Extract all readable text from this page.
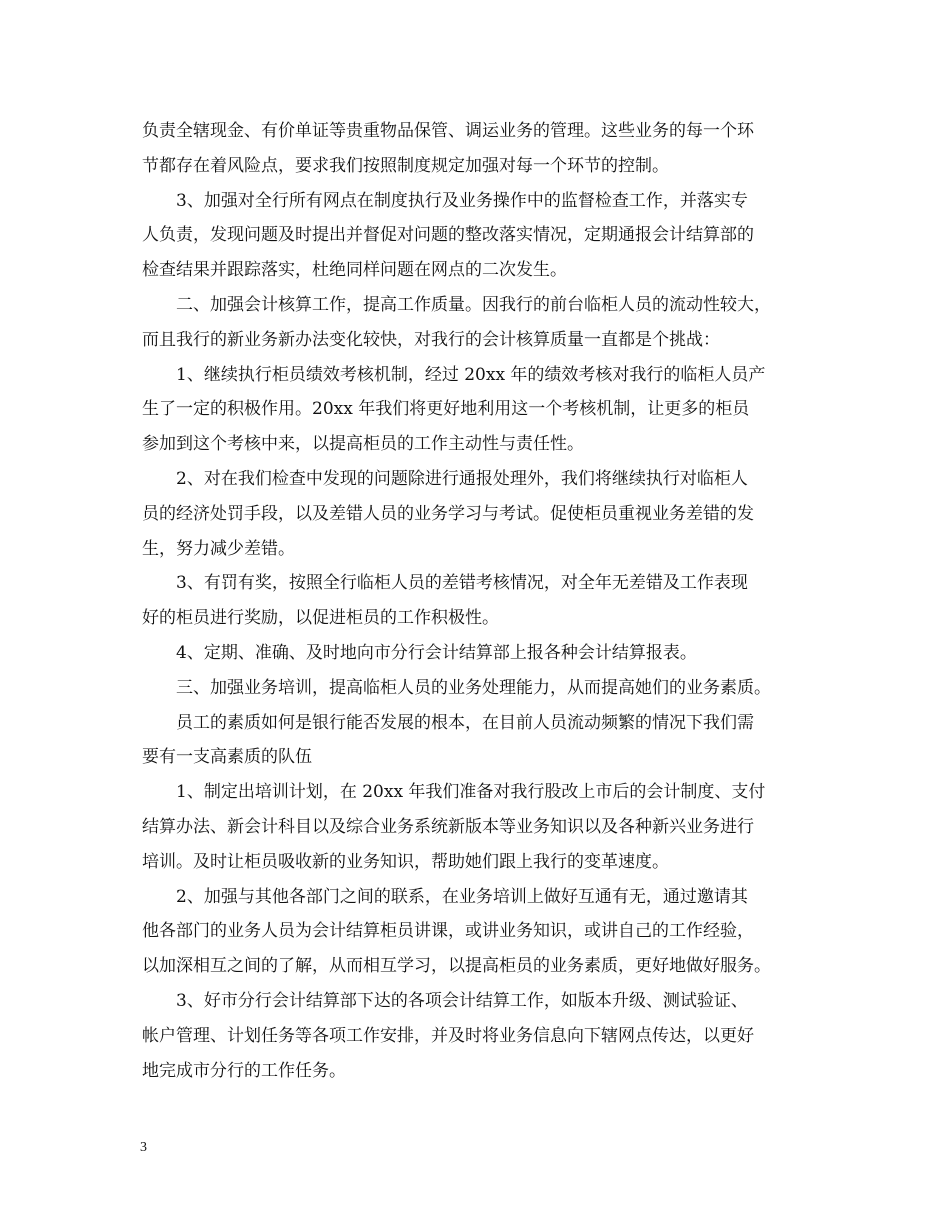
负责全辖现金、有价单证等贵重物品保管、调运业务的管理。这些业务的每一个环
节都存在着风险点，要求我们按照制度规定加强对每一个环节的控制。
　　3、加强对全行所有网点在制度执行及业务操作中的监督检查工作，并落实专
人负责，发现问题及时提出并督促对问题的整改落实情况，定期通报会计结算部的
检查结果并跟踪落实，杜绝同样问题在网点的二次发生。
　　二、加强会计核算工作，提高工作质量。因我行的前台临柜人员的流动性较大，
而且我行的新业务新办法变化较快，对我行的会计核算质量一直都是个挑战：
　　1、继续执行柜员绩效考核机制，经过 20xx 年的绩效考核对我行的临柜人员产
生了一定的积极作用。20xx 年我们将更好地利用这一个考核机制，让更多的柜员
参加到这个考核中来，以提高柜员的工作主动性与责任性。
　　2、对在我们检查中发现的问题除进行通报处理外，我们将继续执行对临柜人
员的经济处罚手段，以及差错人员的业务学习与考试。促使柜员重视业务差错的发
生，努力减少差错。
　　3、有罚有奖，按照全行临柜人员的差错考核情况，对全年无差错及工作表现
好的柜员进行奖励，以促进柜员的工作积极性。
　　4、定期、准确、及时地向市分行会计结算部上报各种会计结算报表。
　　三、加强业务培训，提高临柜人员的业务处理能力，从而提高她们的业务素质。
　　员工的素质如何是银行能否发展的根本，在目前人员流动频繁的情况下我们需
要有一支高素质的队伍
　　1、制定出培训计划，在 20xx 年我们准备对我行股改上市后的会计制度、支付
结算办法、新会计科目以及综合业务系统新版本等业务知识以及各种新兴业务进行
培训。及时让柜员吸收新的业务知识，帮助她们跟上我行的变革速度。
　　2、加强与其他各部门之间的联系，在业务培训上做好互通有无，通过邀请其
他各部门的业务人员为会计结算柜员讲课，或讲业务知识，或讲自己的工作经验，
以加深相互之间的了解，从而相互学习，以提高柜员的业务素质，更好地做好服务。
　　3、好市分行会计结算部下达的各项会计结算工作，如版本升级、测试验证、
帐户管理、计划任务等各项工作安排，并及时将业务信息向下辖网点传达，以更好
地完成市分行的工作任务。
3
